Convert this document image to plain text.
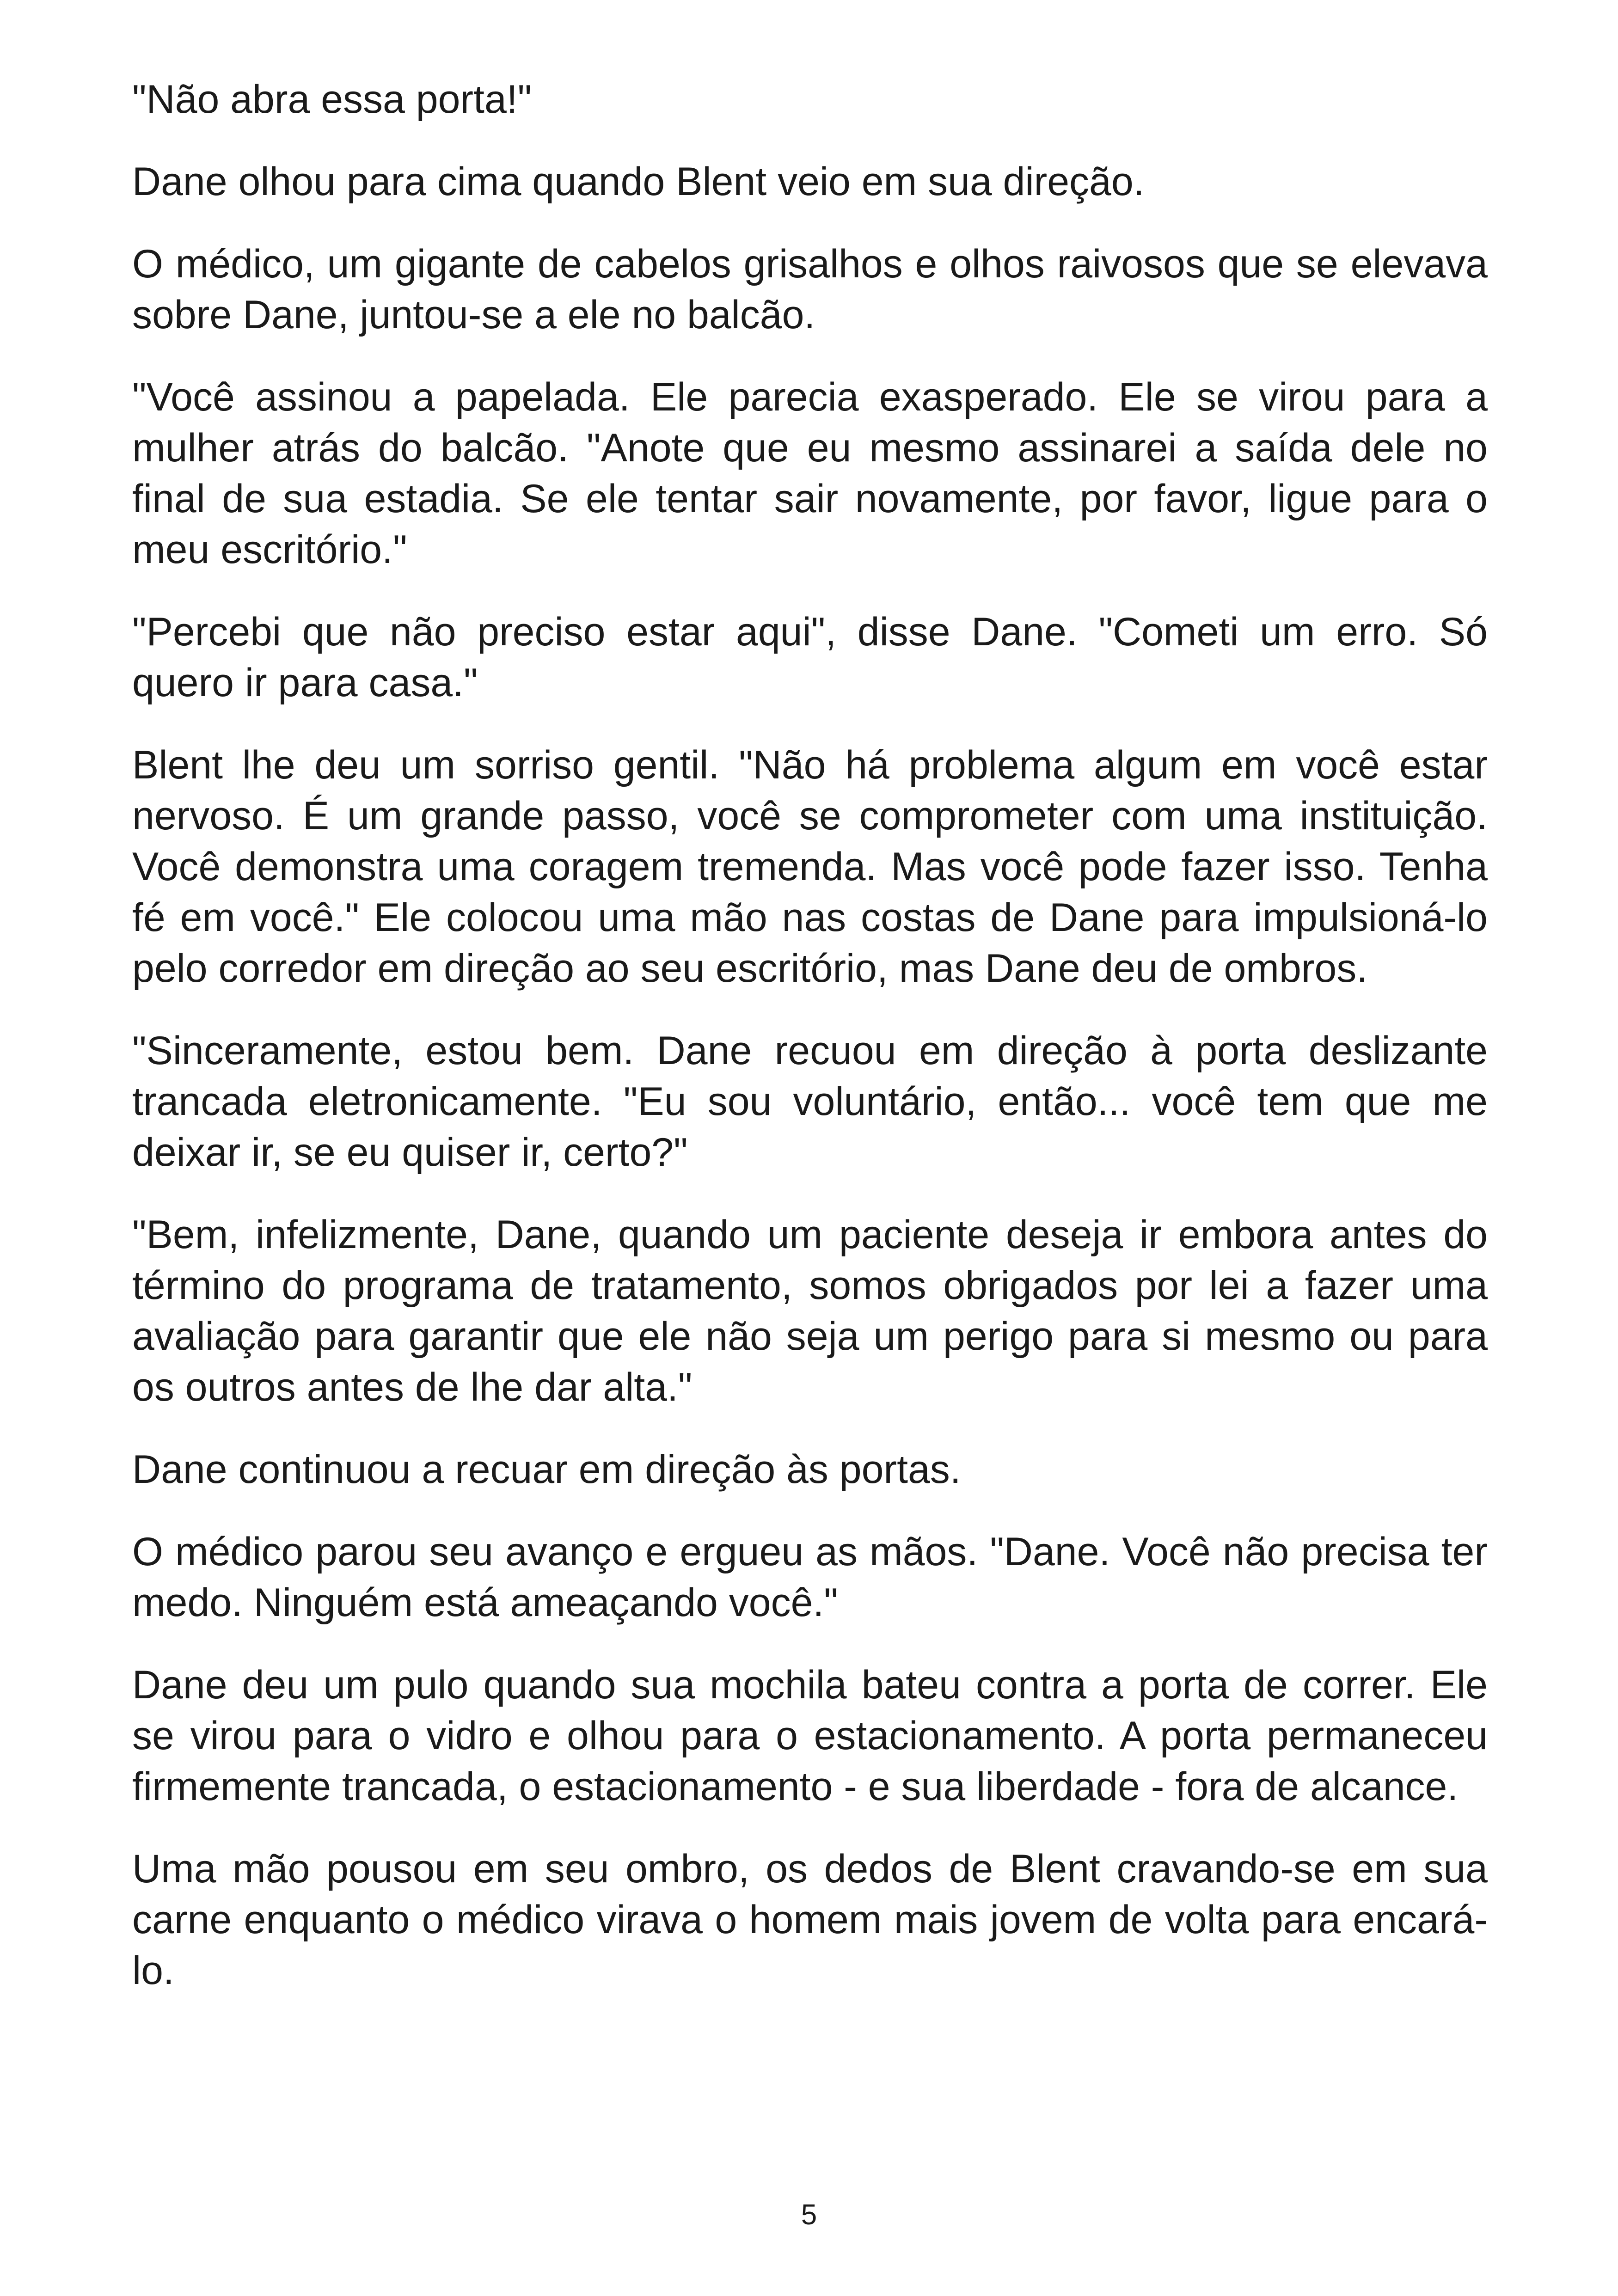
"Não abra essa porta!"

Dane olhou para cima quando Blent veio em sua direção.

O médico, um gigante de cabelos grisalhos e olhos raivosos que se elevava sobre Dane, juntou-se a ele no balcão.

"Você assinou a papelada. Ele parecia exasperado. Ele se virou para a mulher atrás do balcão. "Anote que eu mesmo assinarei a saída dele no final de sua estadia. Se ele tentar sair novamente, por favor, ligue para o meu escritório."

"Percebi que não preciso estar aqui", disse Dane. "Cometi um erro. Só quero ir para casa."

Blent lhe deu um sorriso gentil. "Não há problema algum em você estar nervoso. É um grande passo, você se comprometer com uma instituição. Você demonstra uma coragem tremenda. Mas você pode fazer isso. Tenha fé em você." Ele colocou uma mão nas costas de Dane para impulsioná-lo pelo corredor em direção ao seu escritório, mas Dane deu de ombros.

"Sinceramente, estou bem. Dane recuou em direção à porta deslizante trancada eletronicamente. "Eu sou voluntário, então... você tem que me deixar ir, se eu quiser ir, certo?"

"Bem, infelizmente, Dane, quando um paciente deseja ir embora antes do término do programa de tratamento, somos obrigados por lei a fazer uma avaliação para garantir que ele não seja um perigo para si mesmo ou para os outros antes de lhe dar alta."

Dane continuou a recuar em direção às portas.

O médico parou seu avanço e ergueu as mãos. "Dane. Você não precisa ter medo. Ninguém está ameaçando você."

Dane deu um pulo quando sua mochila bateu contra a porta de correr. Ele se virou para o vidro e olhou para o estacionamento. A porta permaneceu firmemente trancada, o estacionamento - e sua liberdade - fora de alcance.

Uma mão pousou em seu ombro, os dedos de Blent cravando-se em sua carne enquanto o médico virava o homem mais jovem de volta para encará-lo.

5
